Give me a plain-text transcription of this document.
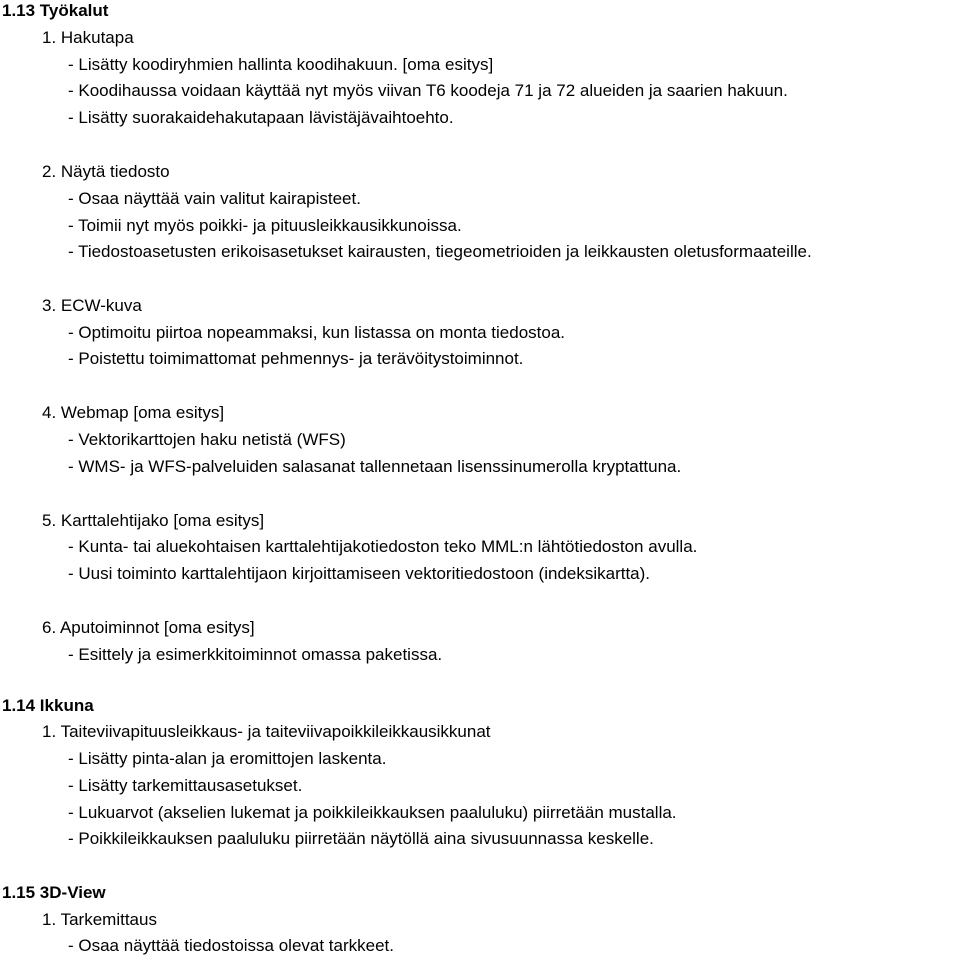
1.13 Työkalut
1. Hakutapa
- Lisätty koodiryhmien hallinta koodihakuun. [oma esitys]
- Koodihaussa voidaan käyttää nyt myös viivan T6 koodeja 71 ja 72 alueiden ja saarien hakuun.
- Lisätty suorakaidehakutapaan lävistäjävaihtoehto.
2. Näytä tiedosto
- Osaa näyttää vain valitut kairapisteet.
- Toimii nyt myös poikki- ja pituusleikkausikkunoissa.
- Tiedostoasetusten erikoisasetukset kairausten, tiegeometrioiden ja leikkausten oletusformaateille.
3. ECW-kuva
- Optimoitu piirtoa nopeammaksi, kun listassa on monta tiedostoa.
- Poistettu toimimattomat pehmennys- ja terävöitystoiminnot.
4. Webmap [oma esitys]
- Vektorikarttojen haku netistä (WFS)
- WMS- ja WFS-palveluiden salasanat tallennetaan lisenssinumerolla kryptattuna.
5. Karttalehtijako [oma esitys]
- Kunta- tai aluekohtaisen karttalehtijakotiedoston teko MML:n lähtötiedoston avulla.
- Uusi toiminto karttalehtijaon kirjoittamiseen vektoritiedostoon (indeksikartta).
6. Aputoiminnot [oma esitys]
- Esittely ja esimerkkitoiminnot omassa paketissa.
1.14 Ikkuna
1. Taiteviivapituusleikkaus- ja taiteviivapoikkileikkausikkunat
- Lisätty pinta-alan ja eromittojen laskenta.
- Lisätty tarkemittausasetukset.
- Lukuarvot (akselien lukemat ja poikkileikkauksen paaluluku) piirretään mustalla.
- Poikkileikkauksen paaluluku piirretään näytöllä aina sivusuunnassa keskelle.
1.15 3D-View
1. Tarkemittaus
- Osaa näyttää tiedostoissa olevat tarkkeet.
